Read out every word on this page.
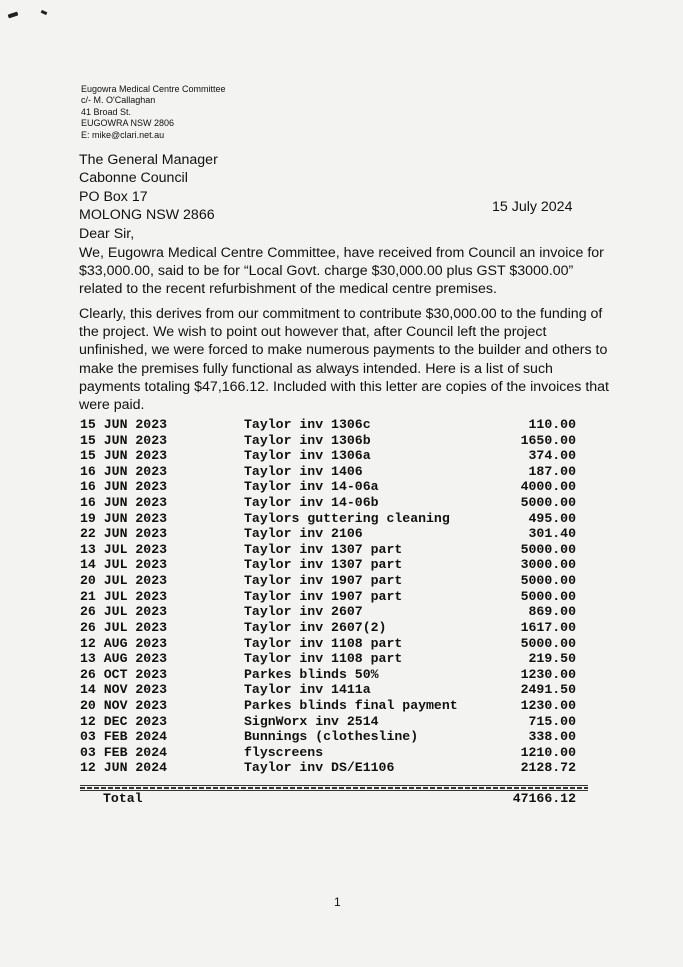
Eugowra Medical Centre Committee
c/- M. O'Callaghan
41 Broad St.
EUGOWRA NSW 2806
E: mike@clari.net.au
The General Manager
Cabonne Council
PO Box 17
MOLONG NSW 2866
Dear Sir,
15 July 2024

We, Eugowra Medical Centre Committee, have received from Council an invoice for $33,000.00, said to be for “Local Govt. charge $30,000.00 plus GST $3000.00” related to the recent refurbishment of the medical centre premises.

Clearly, this derives from our commitment to contribute $30,000.00 to the funding of the project. We wish to point out however that, after Council left the project unfinished, we were forced to make numerous payments to the builder and others to make the premises fully functional as always intended. Here is a list of such payments totaling $47,166.12. Included with this letter are copies of the invoices that were paid.

15 JUN 2023	Taylor inv 1306c	110.00
15 JUN 2023	Taylor inv 1306b	1650.00
15 JUN 2023	Taylor inv 1306a	374.00
16 JUN 2023	Taylor inv 1406	187.00
16 JUN 2023	Taylor inv 14-06a	4000.00
16 JUN 2023	Taylor inv 14-06b	5000.00
19 JUN 2023	Taylors guttering cleaning	495.00
22 JUN 2023	Taylor inv 2106	301.40
13 JUL 2023	Taylor inv 1307 part	5000.00
14 JUL 2023	Taylor inv 1307 part	3000.00
20 JUL 2023	Taylor inv 1907 part	5000.00
21 JUL 2023	Taylor inv 1907 part	5000.00
26 JUL 2023	Taylor inv 2607	869.00
26 JUL 2023	Taylor inv 2607(2)	1617.00
12 AUG 2023	Taylor inv 1108 part	5000.00
13 AUG 2023	Taylor inv 1108 part	219.50
26 OCT 2023	Parkes blinds 50%	1230.00
14 NOV 2023	Taylor inv 1411a	2491.50
20 NOV 2023	Parkes blinds final payment	1230.00
12 DEC 2023	SignWorx inv 2514	715.00
03 FEB 2024	Bunnings (clothesline)	338.00
03 FEB 2024	flyscreens	1210.00
12 JUN 2024	Taylor inv DS/E1106	2128.72
Total	47166.12
1
